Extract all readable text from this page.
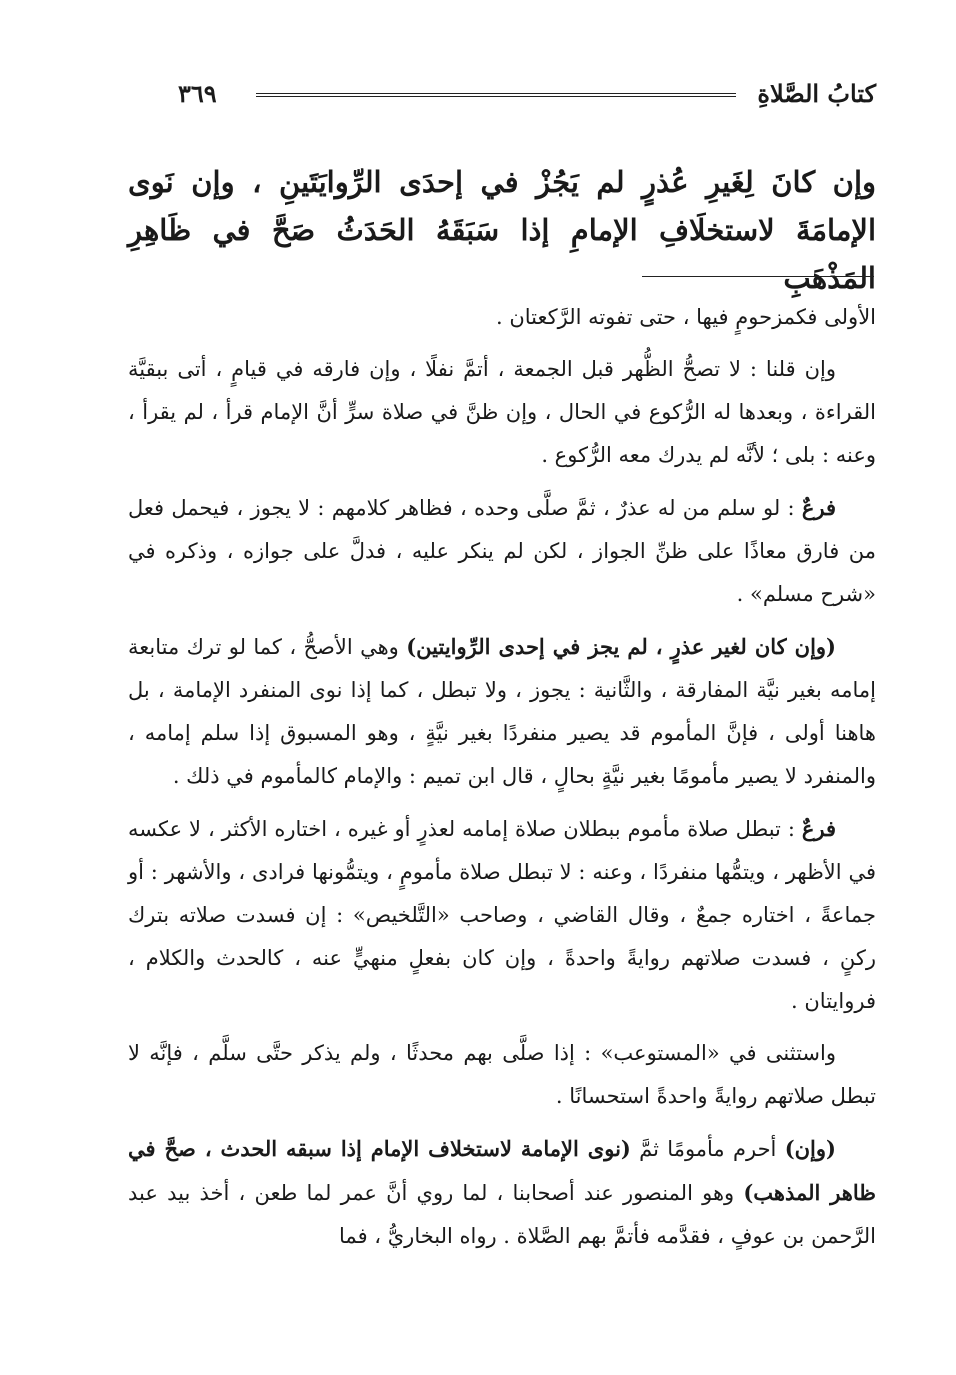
كتابُ الصَّلاةِ
٣٦٩

وإن كانَ لِغَيرِ عُذرٍ لم يَجُزْ في إحدَى الرِّوايَتَينِ ، وإن نَوى الإمامَةَ لاستخلَافِ الإمامِ إذا سَبَقَهُ الحَدَثُ صَحَّ في ظَاهِرِ المَذْهَبِ

الأولى فكمزحومٍ فيها ، حتى تفوته الرَّكعتان .

وإن قلنا : لا تصحُّ الظُّهر قبل الجمعة ، أتمَّ نفلًا ، وإن فارقه في قيامٍ ، أتى ببقيَّة القراءة ، وبعدها له الرُّكوع في الحال ، وإن ظنَّ في صلاة سرٍّ أنَّ الإمام قرأ ، لم يقرأ ، وعنه : بلى ؛ لأنَّه لم يدرك معه الرُّكوع .

فرعٌ : لو سلم من له عذرٌ ، ثمَّ صلَّى وحده ، فظاهر كلامهم : لا يجوز ، فيحمل فعل من فارق معاذًا على ظنِّ الجواز ، لكن لم ينكر عليه ، فدلَّ على جوازه ، وذكره في «شرح مسلم» .

(وإن كان لغير عذرٍ ، لم يجز في إحدى الرِّوايتين) وهي الأصحُّ ، كما لو ترك متابعة إمامه بغير نيَّة المفارقة ، والثَّانية : يجوز ، ولا تبطل ، كما إذا نوى المنفرد الإمامة ، بل هاهنا أولى ، فإنَّ المأموم قد يصير منفردًا بغير نيَّةٍ ، وهو المسبوق إذا سلم إمامه ، والمنفرد لا يصير مأمومًا بغير نيَّةٍ بحالٍ ، قال ابن تميم : والإمام كالمأموم في ذلك .

فرعٌ : تبطل صلاة مأموم ببطلان صلاة إمامه لعذرٍ أو غيره ، اختاره الأكثر ، لا عكسه في الأظهر ، ويتمُّها منفردًا ، وعنه : لا تبطل صلاة مأمومٍ ، ويتمُّونها فرادى ، والأشهر : أو جماعةً ، اختاره جمعٌ ، وقال القاضي ، وصاحب «التَّلخيص» : إن فسدت صلاته بترك ركنٍ ، فسدت صلاتهم روايةً واحدةً ، وإن كان بفعلٍ منهيٍّ عنه ، كالحدث والكلام ، فروايتان .

واستثنى في «المستوعب» : إذا صلَّى بهم محدثًا ، ولم يذكر حتَّى سلَّم ، فإنَّه لا تبطل صلاتهم روايةً واحدةً استحسانًا .

(وإن) أحرم مأمومًا ثمَّ (نوى الإمامة لاستخلاف الإمام إذا سبقه الحدث ، صحَّ في ظاهر المذهب) وهو المنصور عند أصحابنا ، لما روي أنَّ عمر لما طعن ، أخذ بيد عبد الرَّحمن بن عوفٍ ، فقدَّمه فأتمَّ بهم الصَّلاة . رواه البخاريُّ ، فما
